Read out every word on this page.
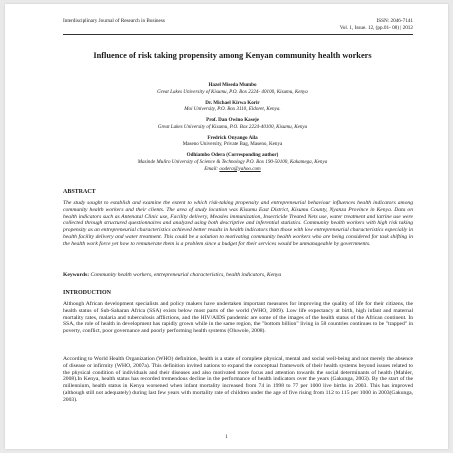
Interdisciplinary Journal of Research in Business	ISSN: 2046-7141
Vol. 1, Issue. 12, (pp.01- 08) | 2012
Influence of risk taking propensity among Kenyan community health workers
Hazel Miseda Mumbo
Great Lakes University of Kisumu, P.O. Box 2224- 40100, Kisumu, Kenya
Dr. Michael Kirwa Korir
Moi University, P.O. Box 3110, Eldoret, Kenya.
Prof. Dan Owino Kaseje
Great Lakes University of Kisumu, P.O. Box 2224-40100, Kisumu, Kenya
Fredrick Onyango Aila
Maseno University, Private Bag, Maseno, Kenya
Odhiambo Odera (Corresponding author)
Masinde Muliro University of Science & Technology P.O. Box 190-50100, Kakamega, Kenya
Email: oodera@yahoo.com
ABSTRACT
The study sought to establish and examine the extent to which risk-taking propensity and entrepreneurial behaviour influences health indicators among community health workers and their clients. The area of study location was Kisumu East District, Kisumu County, Nyanza Province in Kenya. Data on health indicators such as Antenatal Clinic use, Facility delivery, Measles immunization, Insecticide Treated Nets use, water treatment and latrine use were collected through structured questionnaires and analyzed using both descriptive and inferential statistics. Community health workers with high risk taking propensity as an entrepreneurial characteristics achieved better results in health indicators than those with low entrepreneurial characteristics especially in health facility delivery and water treatment. This could be a solution to motivating community health workers who are being considered for task shifting in the health work force yet how to remunerate them is a problem since a budget for their services would be unmanageable by governments.
Keywords: Community health workers, entrepreneurial characteristics, health indicators, Kenya
INTRODUCTION
Although African development specialists and policy makers have undertaken important measures for improving the quality of life for their citizens, the health status of Sub-Saharan Africa (SSA) exists below most parts of the world (WHO, 2009). Low life expectancy at birth, high infant and maternal mortality rates, malaria and tuberculosis afflictions, and the HIV/AIDS pandemic are some of the images of the health status of the African continent. In SSA, the role of health in development has rapidly grown while in the same region, the "bottom billion" living in 58 countries continues to be "trapped" in poverty, conflict, poor governance and poorly performing health systems (Oluwole, 2008).
According to World Health Organization (WHO) definition, health is a state of complete physical, mental and social well-being and not merely the absence of disease or infirmity (WHO, 2007a). This definition invited nations to expand the conceptual framework of their health systems beyond issues related to the physical condition of individuals and their diseases and also motivated more focus and attention towards the social determinants of health (Mahler, 2008).In Kenya, health status has recorded tremendous decline in the performance of health indicators over the years (Gakunga, 2003). By the start of the millennium, health status in Kenya worsened when infant mortality increased from 74 in 1998 to 77 per 1000 live births in 2003. This has improved (although still not adequately) during last few years with mortality rate of children under the age of five rising from 112 to 115 per 1000 in 2003(Gakunga, 2003).
1
